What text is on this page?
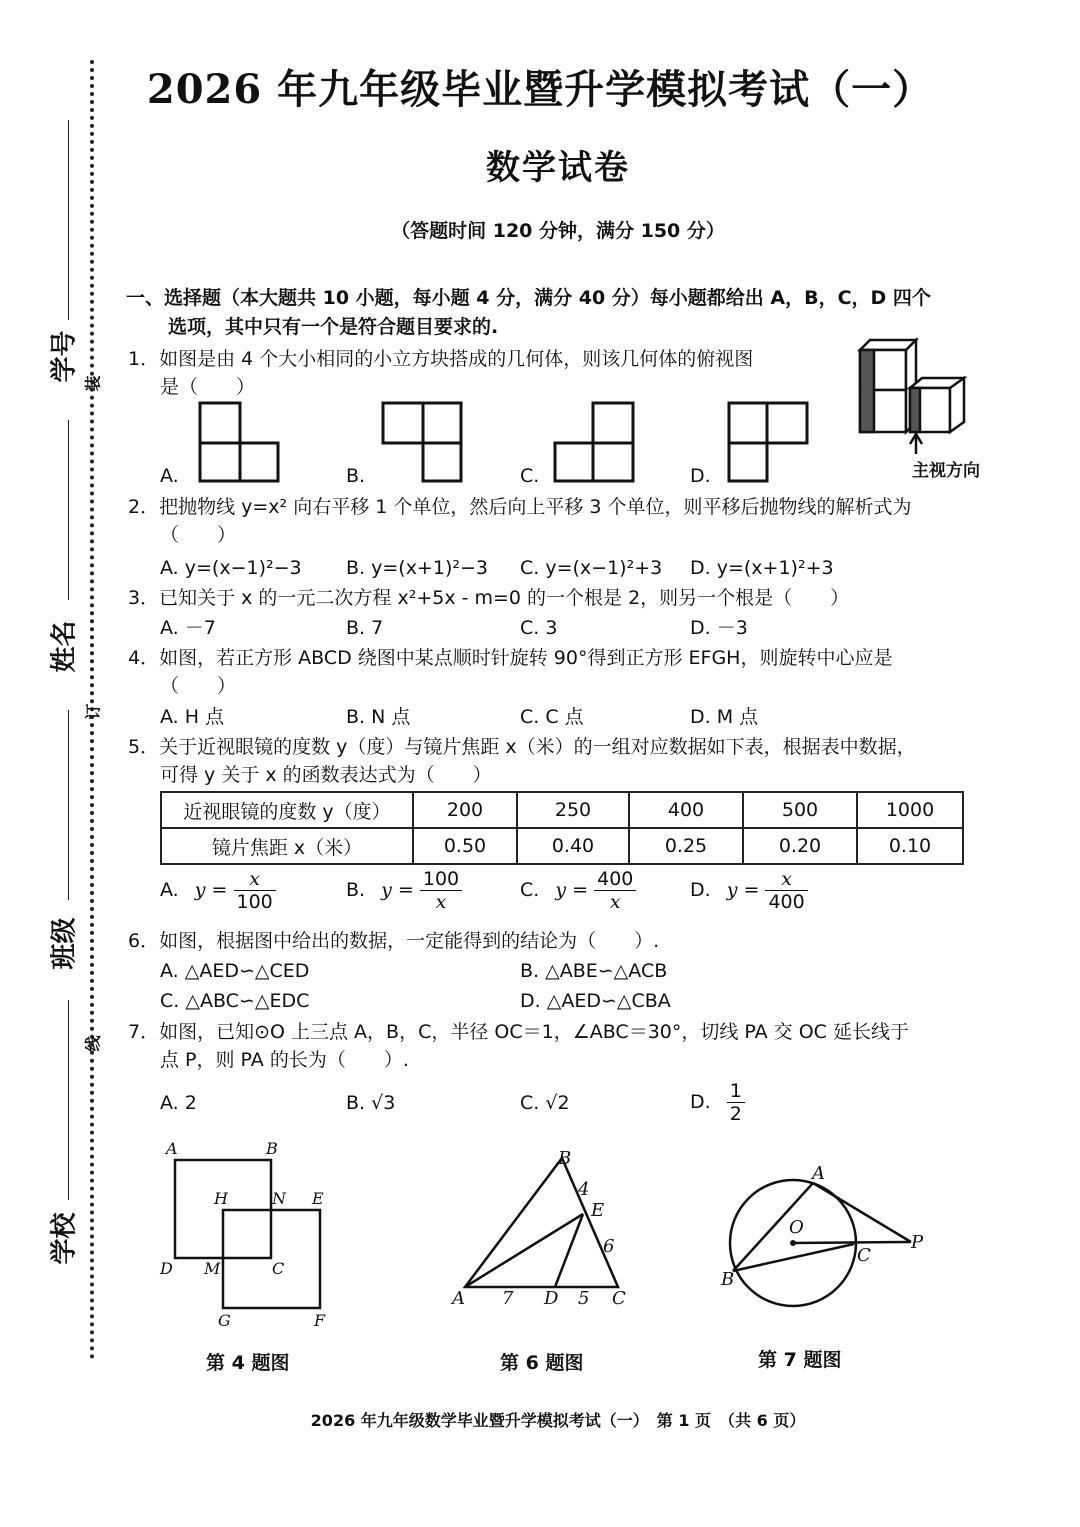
学号
姓名
班级
学校
装
订
线
2026 年九年级毕业暨升学模拟考试（一）
数学试卷
（答题时间 120 分钟，满分 150 分）
一、选择题（本大题共 10 小题，每小题 4 分，满分 40 分）每小题都给出 A，B，C，D 四个
选项，其中只有一个是符合题目要求的.
1．如图是由 4 个大小相同的小立方块搭成的几何体，则该几何体的俯视图
是（　　）
A.	B.	C.	D.	主视方向
2．把抛物线 y=x² 向右平移 1 个单位，然后向上平移 3 个单位，则平移后抛物线的解析式为
（　　）
A. y=(x−1)²−3 B. y=(x+1)²−3 C. y=(x−1)²+3 D. y=(x+1)²+3
3．已知关于 x 的一元二次方程 x²+5x - m=0 的一个根是 2，则另一个根是（　　）
A. －7	B. 7	C. 3	D. －3
4．如图，若正方形 ABCD 绕图中某点顺时针旋转 90°得到正方形 EFGH，则旋转中心应是
（　　）
A. H 点	B. N 点	C. C 点	D. M 点
5．关于近视眼镜的度数 y（度）与镜片焦距 x（米）的一组对应数据如下表，根据表中数据，
可得 y 关于 x 的函数表达式为（　　）
近视眼镜的度数 y（度）	200	250	400	500	1000
镜片焦距 x（米）	0.50	0.40	0.25	0.20	0.10
A. $y = \frac{x}{100}$	B. $y = \frac{100}{x}$	C. $y = \frac{400}{x}$	D. $y = \frac{x}{400}$
6．如图，根据图中给出的数据，一定能得到的结论为（　　）.
A. △AED∽△CED	B. △ABE∽△ACB
C. △ABC∽△EDC	D. △AED∽△CBA
7．如图，已知⊙O 上三点 A，B，C，半径 OC＝1，∠ABC＝30°，切线 PA 交 OC 延长线于
点 P，则 PA 的长为（　　）.
A. 2	B. √3	C. √2	D. $\frac{1}{2}$
A	B
H	N E
D M	C
G	F
第 4 题图
B
E
A	D	C
4
6
7	5
第 6 题图
A
O
P
C
B
第 7 题图
2026 年九年级数学毕业暨升学模拟考试（一）　第 1 页　（共 6 页）
